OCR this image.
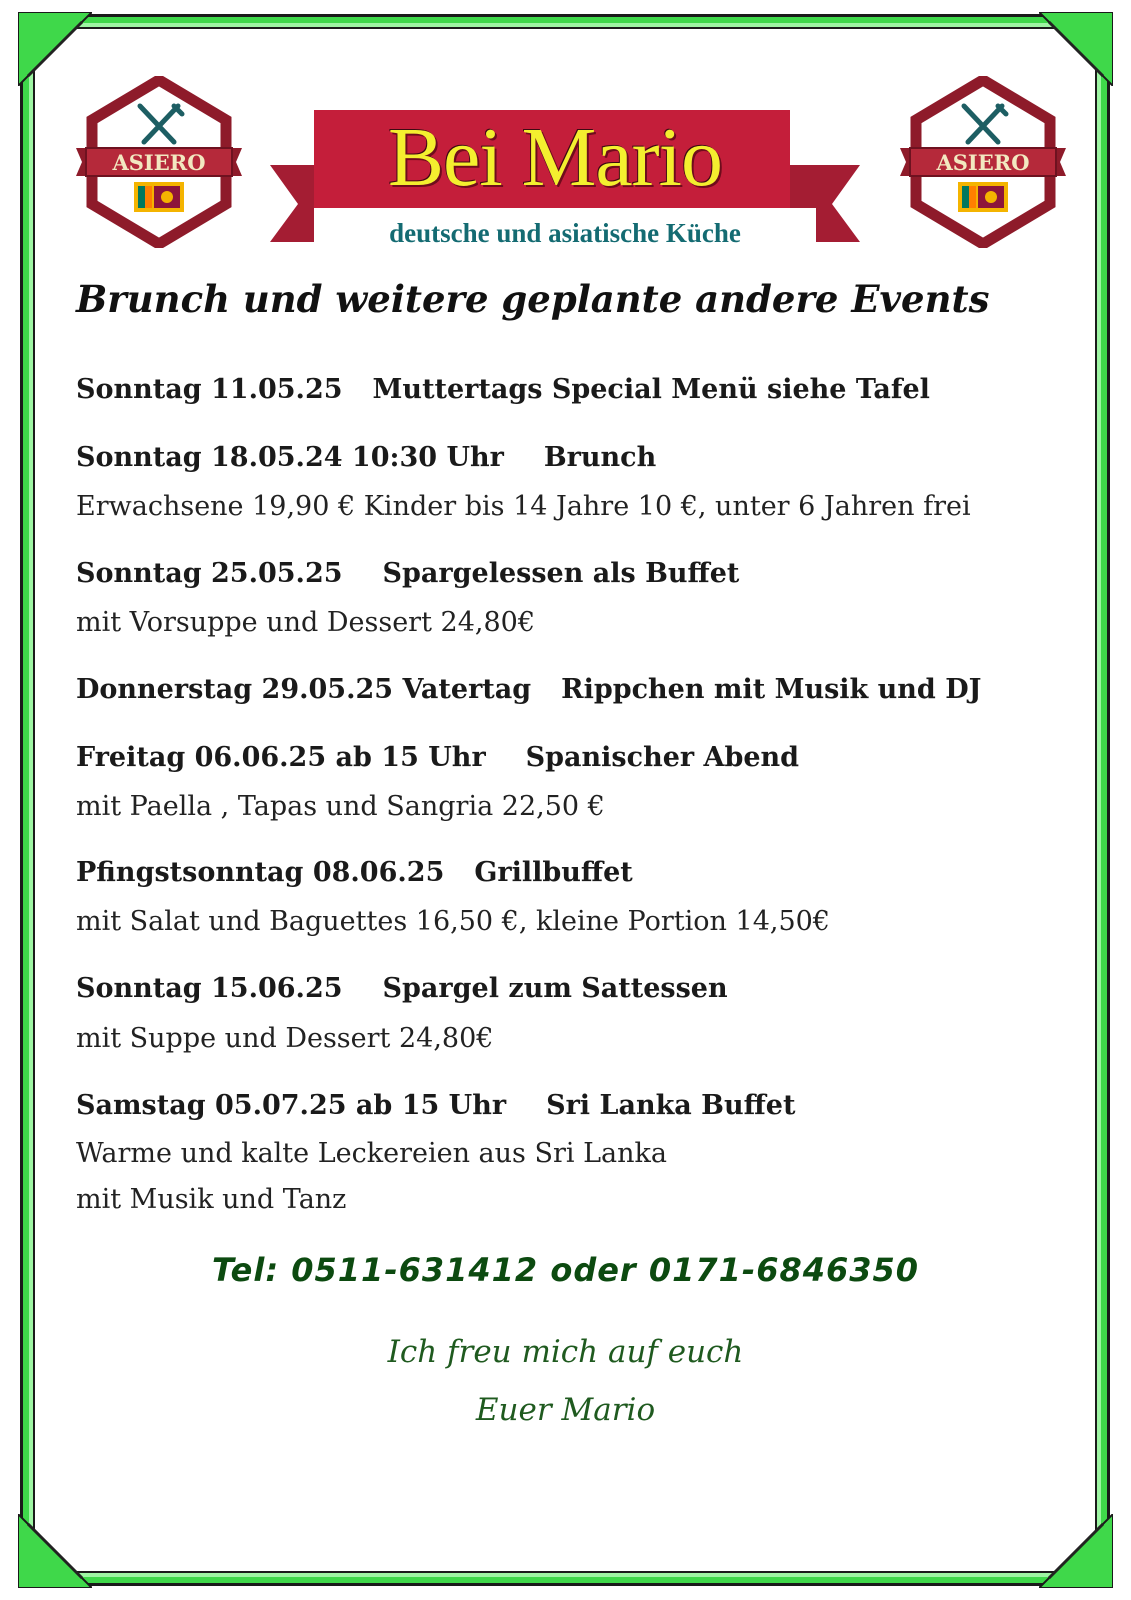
ASIERO	ASIERO
Bei Mario
deutsche und asiatische Küche
Brunch und weitere geplante andere Events
Sonntag 11.05.25 Muttertags Special Menü siehe Tafel
Sonntag 18.05.24 10:30 Uhr Brunch
Erwachsene 19,90 € Kinder bis 14 Jahre 10 €, unter 6 Jahren frei
Sonntag 25.05.25 Spargelessen als Buffet
mit Vorsuppe und Dessert 24,80€
Donnerstag 29.05.25 Vatertag Rippchen mit Musik und DJ
Freitag 06.06.25 ab 15 Uhr Spanischer Abend
mit Paella , Tapas und Sangria 22,50 €
Pfingstsonntag 08.06.25 Grillbuffet
mit Salat und Baguettes 16,50 €, kleine Portion 14,50€
Sonntag 15.06.25 Spargel zum Sattessen
mit Suppe und Dessert 24,80€
Samstag 05.07.25 ab 15 Uhr Sri Lanka Buffet
Warme und kalte Leckereien aus Sri Lanka
mit Musik und Tanz
Tel: 0511-631412 oder 0171-6846350
Ich freu mich auf euch
Euer Mario
